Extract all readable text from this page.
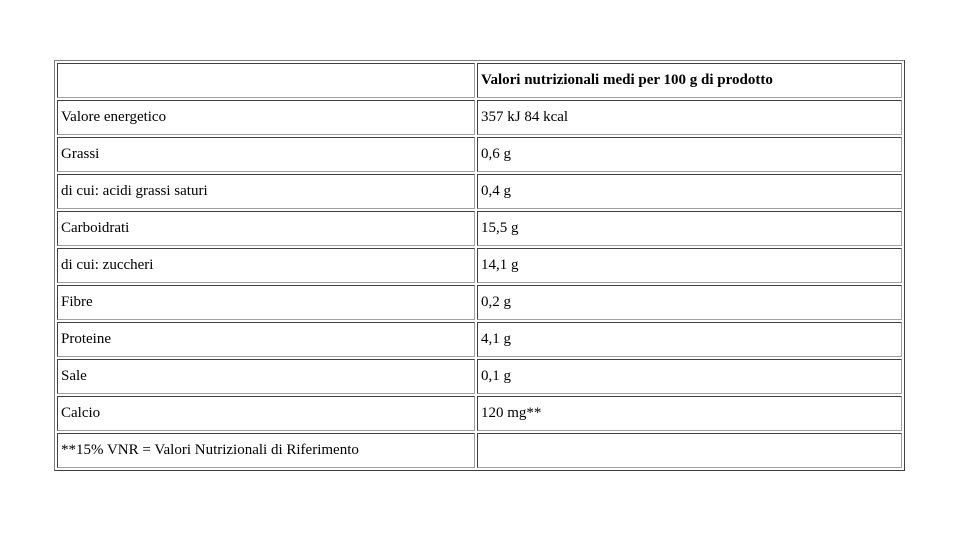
	Valori nutrizionali medi per 100 g di prodotto
Valore energetico	357 kJ 84 kcal
Grassi	0,6 g
di cui: acidi grassi saturi	0,4 g
Carboidrati	15,5 g
di cui: zuccheri	14,1 g
Fibre	0,2 g
Proteine	4,1 g
Sale	0,1 g
Calcio	120 mg**
**15% VNR = Valori Nutrizionali di Riferimento	
